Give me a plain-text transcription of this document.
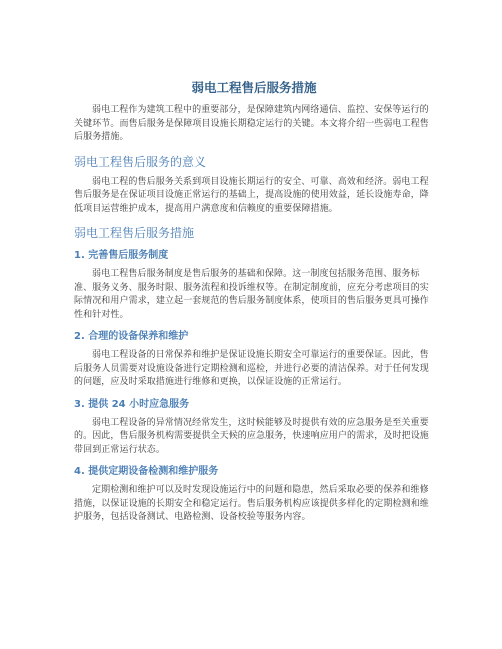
弱电工程售后服务措施

弱电工程作为建筑工程中的重要部分，是保障建筑内网络通信、监控、安保等运行的关键环节。而售后服务是保障项目设施长期稳定运行的关键。本文将介绍一些弱电工程售后服务措施。

弱电工程售后服务的意义

弱电工程的售后服务关系到项目设施长期运行的安全、可靠、高效和经济。弱电工程售后服务是在保证项目设施正常运行的基础上，提高设施的使用效益，延长设施寿命，降低项目运营维护成本，提高用户满意度和信赖度的重要保障措施。

弱电工程售后服务措施
1. 完善售后服务制度

弱电工程售后服务制度是售后服务的基础和保障。这一制度包括服务范围、服务标准、服务义务、服务时限、服务流程和投诉维权等。在制定制度前，应充分考虑项目的实际情况和用户需求，建立起一套规范的售后服务制度体系，使项目的售后服务更具可操作性和针对性。

2. 合理的设备保养和维护

弱电工程设备的日常保养和维护是保证设施长期安全可靠运行的重要保证。因此，售后服务人员需要对设施设备进行定期检测和巡检，并进行必要的清洁保养。对于任何发现的问题，应及时采取措施进行维修和更换，以保证设施的正常运行。

3. 提供 24 小时应急服务

弱电工程设备的异常情况经常发生，这时候能够及时提供有效的应急服务是至关重要的。因此，售后服务机构需要提供全天候的应急服务，快速响应用户的需求，及时把设施带回到正常运行状态。

4. 提供定期设备检测和维护服务

定期检测和维护可以及时发现设施运行中的问题和隐患，然后采取必要的保养和维修措施，以保证设施的长期安全和稳定运行。售后服务机构应该提供多样化的定期检测和维护服务，包括设备测试、电路检测、设备校验等服务内容。
